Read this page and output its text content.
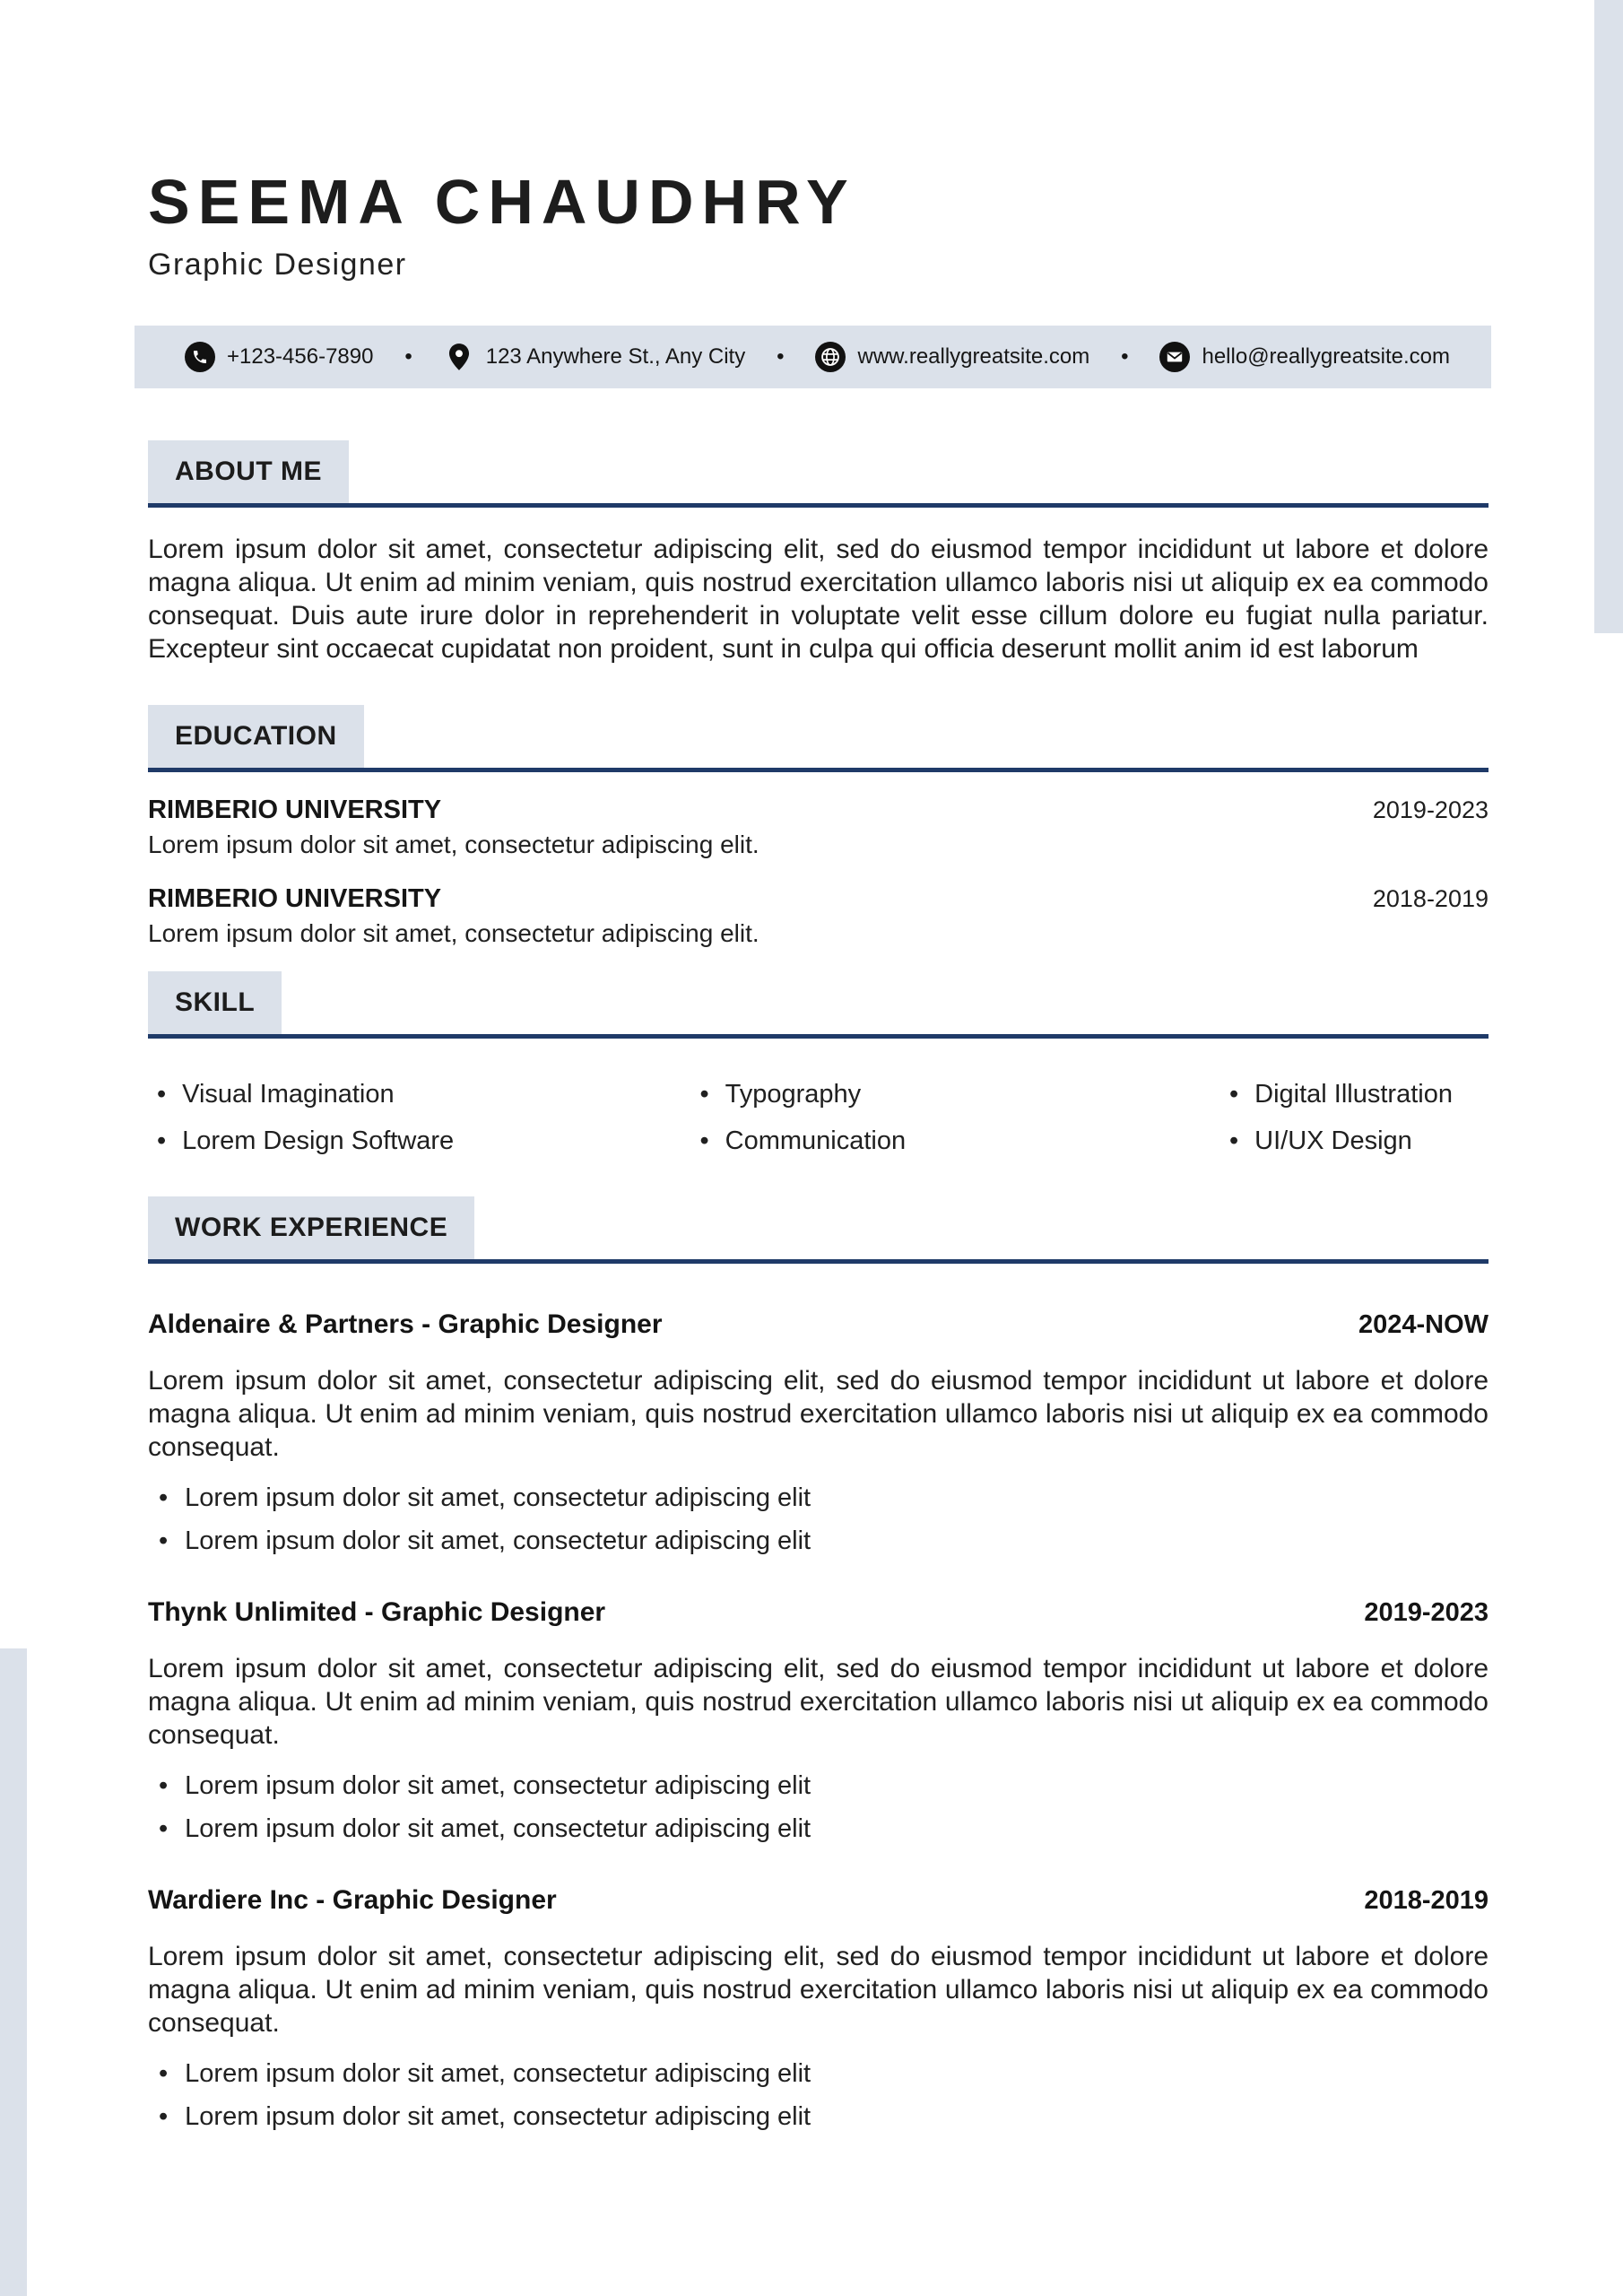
SEEMA CHAUDHRY
Graphic Designer
+123-456-7890 •	123 Anywhere St., Any City •	www.reallygreatsite.com •	hello@reallygreatsite.com
ABOUT ME

Lorem ipsum dolor sit amet, consectetur adipiscing elit, sed do eiusmod tempor incididunt ut labore et dolore magna aliqua. Ut enim ad minim veniam, quis nostrud exercitation ullamco laboris nisi ut aliquip ex ea commodo consequat. Duis aute irure dolor in reprehenderit in voluptate velit esse cillum dolore eu fugiat nulla pariatur. Excepteur sint occaecat cupidatat non proident, sunt in culpa qui officia deserunt mollit anim id est laborum

EDUCATION
RIMBERIO UNIVERSITY	2019-2023
Lorem ipsum dolor sit amet, consectetur adipiscing elit.
RIMBERIO UNIVERSITY	2018-2019
Lorem ipsum dolor sit amet, consectetur adipiscing elit.
SKILL
• Visual Imagination	• Typography	• Digital Illustration
• Lorem Design Software	• Communication	• UI/UX Design
WORK EXPERIENCE
Aldenaire & Partners - Graphic Designer	2024-NOW

Lorem ipsum dolor sit amet, consectetur adipiscing elit, sed do eiusmod tempor incididunt ut labore et dolore magna aliqua. Ut enim ad minim veniam, quis nostrud exercitation ullamco laboris nisi ut aliquip ex ea commodo consequat.

• Lorem ipsum dolor sit amet, consectetur adipiscing elit
• Lorem ipsum dolor sit amet, consectetur adipiscing elit
Thynk Unlimited - Graphic Designer	2019-2023

Lorem ipsum dolor sit amet, consectetur adipiscing elit, sed do eiusmod tempor incididunt ut labore et dolore magna aliqua. Ut enim ad minim veniam, quis nostrud exercitation ullamco laboris nisi ut aliquip ex ea commodo consequat.

• Lorem ipsum dolor sit amet, consectetur adipiscing elit
• Lorem ipsum dolor sit amet, consectetur adipiscing elit
Wardiere Inc - Graphic Designer	2018-2019

Lorem ipsum dolor sit amet, consectetur adipiscing elit, sed do eiusmod tempor incididunt ut labore et dolore magna aliqua. Ut enim ad minim veniam, quis nostrud exercitation ullamco laboris nisi ut aliquip ex ea commodo consequat.

• Lorem ipsum dolor sit amet, consectetur adipiscing elit
• Lorem ipsum dolor sit amet, consectetur adipiscing elit
